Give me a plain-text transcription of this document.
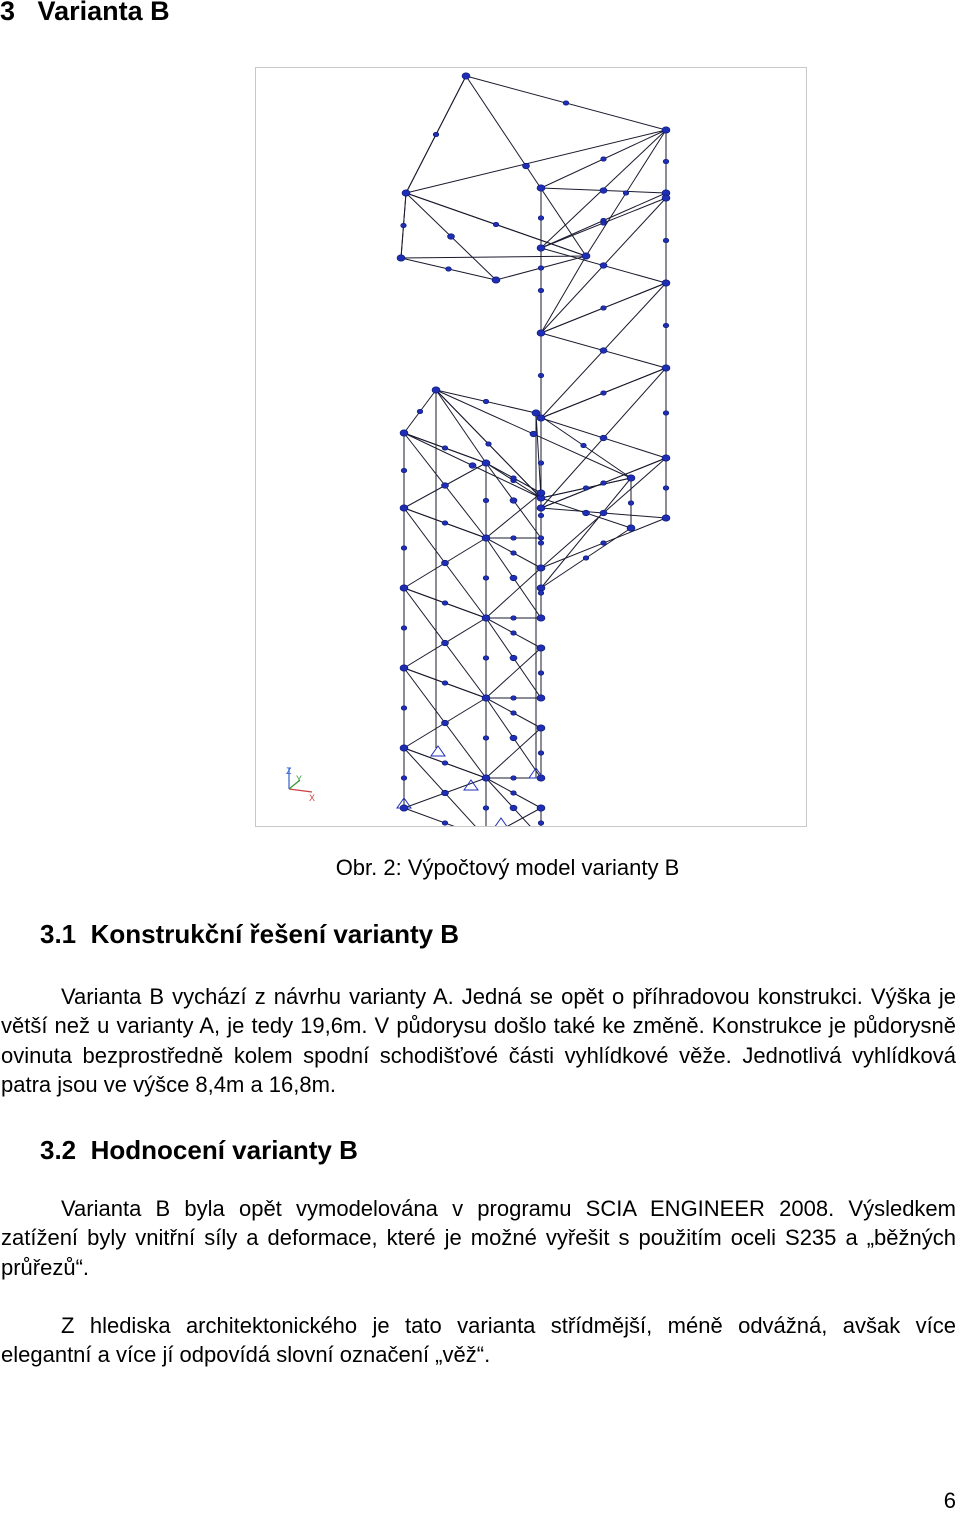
3 Varianta B
Z
Y
X
Obr. 2: Výpočtový model varianty B
3.1 Konstrukční řešení varianty B

Varianta B vychází z návrhu varianty A. Jedná se opět o příhradovou konstrukci. Výška je větší než u varianty A, je tedy 19,6m. V půdorysu došlo také ke změně. Konstrukce je půdorysně ovinuta bezprostředně kolem spodní schodišťové části vyhlídkové věže. Jednotlivá vyhlídková patra jsou ve výšce 8,4m a 16,8m.

3.2 Hodnocení varianty B

Varianta B byla opět vymodelována v programu SCIA ENGINEER 2008. Výsledkem zatížení byly vnitřní síly a deformace, které je možné vyřešit s použitím oceli S235 a „běžných průřezů“.

Z hlediska architektonického je tato varianta střídmější, méně odvážná, avšak více elegantní a více jí odpovídá slovní označení „věž“.

6
